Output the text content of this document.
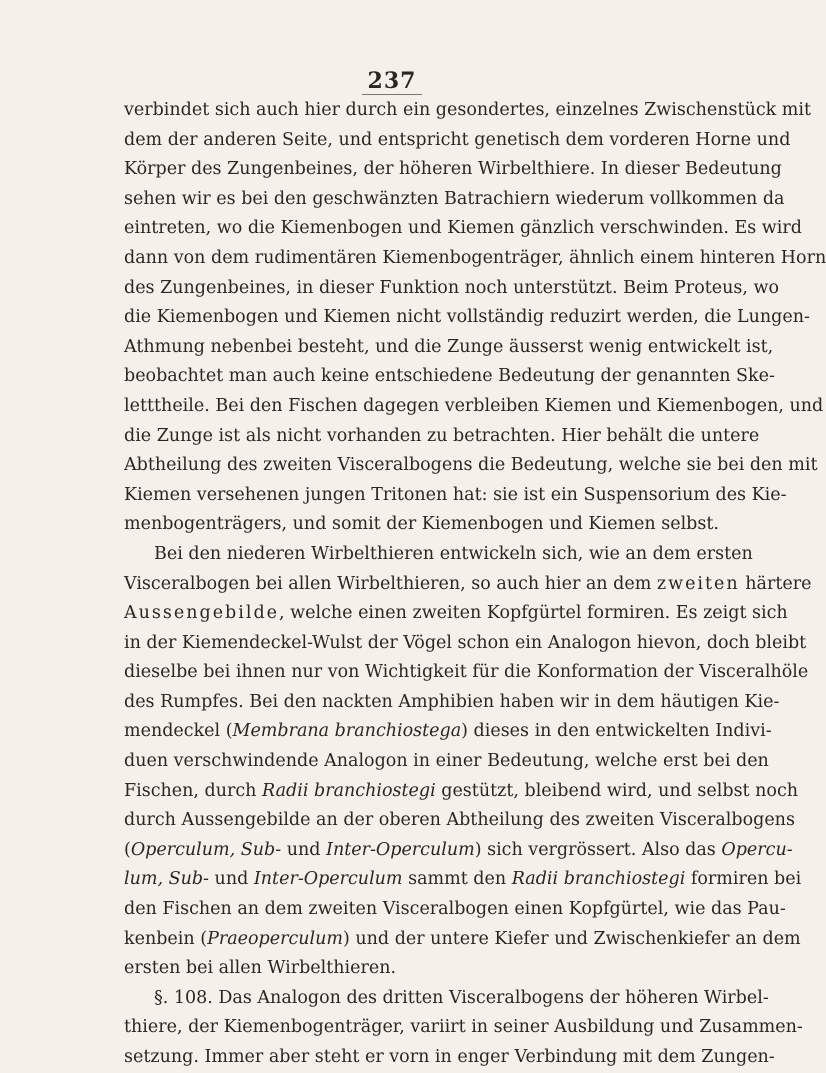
237
verbindet sich auch hier durch ein gesondertes, einzelnes Zwischenstück mit
dem der anderen Seite, und entspricht genetisch dem vorderen Horne und
Körper des Zungenbeines, der höheren Wirbelthiere. In dieser Bedeutung
sehen wir es bei den geschwänzten Batrachiern wiederum vollkommen da
eintreten, wo die Kiemenbogen und Kiemen gänzlich verschwinden. Es wird
dann von dem rudimentären Kiemenbogenträger, ähnlich einem hinteren Horn
des Zungenbeines, in dieser Funktion noch unterstützt. Beim Proteus, wo
die Kiemenbogen und Kiemen nicht vollständig reduzirt werden, die Lungen-
Athmung nebenbei besteht, und die Zunge äusserst wenig entwickelt ist,
beobachtet man auch keine entschiedene Bedeutung der genannten Ske-
letttheile. Bei den Fischen dagegen verbleiben Kiemen und Kiemenbogen, und
die Zunge ist als nicht vorhanden zu betrachten. Hier behält die untere
Abtheilung des zweiten Visceralbogens die Bedeutung, welche sie bei den mit
Kiemen versehenen jungen Tritonen hat: sie ist ein Suspensorium des Kie-
menbogenträgers, und somit der Kiemenbogen und Kiemen selbst.
Bei den niederen Wirbelthieren entwickeln sich, wie an dem ersten
Visceralbogen bei allen Wirbelthieren, so auch hier an dem zweiten härtere
Aussengebilde, welche einen zweiten Kopfgürtel formiren. Es zeigt sich
in der Kiemendeckel-Wulst der Vögel schon ein Analogon hievon, doch bleibt
dieselbe bei ihnen nur von Wichtigkeit für die Konformation der Visceralhöle
des Rumpfes. Bei den nackten Amphibien haben wir in dem häutigen Kie-
mendeckel (Membrana branchiostega) dieses in den entwickelten Indivi-
duen verschwindende Analogon in einer Bedeutung, welche erst bei den
Fischen, durch Radii branchiostegi gestützt, bleibend wird, und selbst noch
durch Aussengebilde an der oberen Abtheilung des zweiten Visceralbogens
(Operculum, Sub- und Inter-Operculum) sich vergrössert. Also das Opercu-
lum, Sub- und Inter-Operculum sammt den Radii branchiostegi formiren bei
den Fischen an dem zweiten Visceralbogen einen Kopfgürtel, wie das Pau-
kenbein (Praeoperculum) und der untere Kiefer und Zwischenkiefer an dem
ersten bei allen Wirbelthieren.
§. 108. Das Analogon des dritten Visceralbogens der höheren Wirbel-
thiere, der Kiemenbogenträger, variirt in seiner Ausbildung und Zusammen-
setzung. Immer aber steht er vorn in enger Verbindung mit dem Zungen-
